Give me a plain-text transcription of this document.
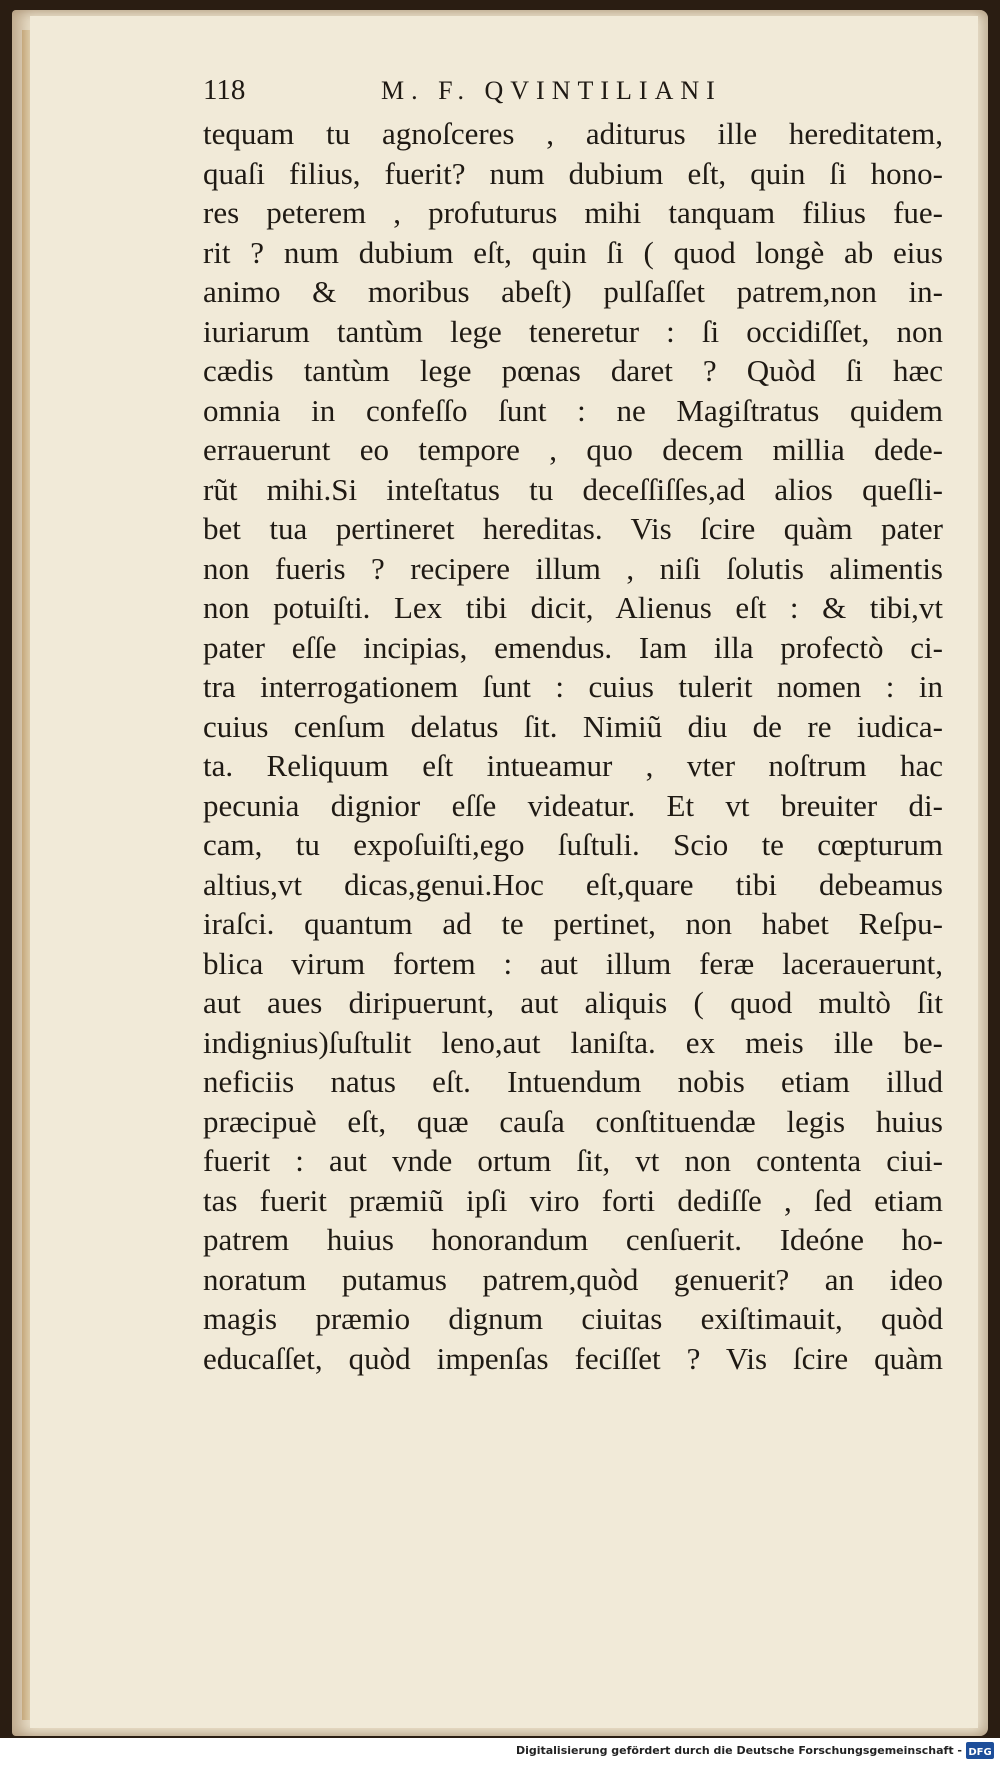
118	M. F. QVINTILIANI
tequam tu agnoſceres , aditurus ille hereditatem,
quaſi filius, fuerit? num dubium eſt, quin ſi hono-
res peterem , profuturus mihi tanquam filius fue-
rit ? num dubium eſt, quin ſi ( quod longè ab eius
animo & moribus abeſt) pulſaſſet patrem,non in-
iuriarum tantùm lege teneretur : ſi occidiſſet, non
cædis tantùm lege pœnas daret ? Quòd ſi hæc
omnia in confeſſo ſunt : ne Magiſtratus quidem
errauerunt eo tempore , quo decem millia dede-
rũt mihi.Si inteſtatus tu deceſſiſſes,ad alios queſli-
bet tua pertineret hereditas. Vis ſcire quàm pater
non fueris ? recipere illum , niſi ſolutis alimentis
non potuiſti. Lex tibi dicit, Alienus eſt : & tibi,vt
pater eſſe incipias, emendus. Iam illa profectò ci-
tra interrogationem ſunt : cuius tulerit nomen : in
cuius cenſum delatus ſit. Nimiũ diu de re iudica-
ta. Reliquum eſt intueamur , vter noſtrum hac
pecunia dignior eſſe videatur. Et vt breuiter di-
cam, tu expoſuiſti,ego ſuſtuli. Scio te cœpturum
altius,vt dicas,genui.Hoc eſt,quare tibi debeamus
iraſci. quantum ad te pertinet, non habet Reſpu-
blica virum fortem : aut illum feræ lacerauerunt,
aut aues diripuerunt, aut aliquis ( quod multò ſit
indignius)ſuſtulit leno,aut laniſta. ex meis ille be-
neficiis natus eſt. Intuendum nobis etiam illud
præcipuè eſt, quæ cauſa conſtituendæ legis huius
fuerit : aut vnde ortum ſit, vt non contenta ciui-
tas fuerit præmiũ ipſi viro forti dediſſe , ſed etiam
patrem huius honorandum cenſuerit. Ideóne ho-
noratum putamus patrem,quòd genuerit? an ideo
magis præmio dignum ciuitas exiſtimauit, quòd
educaſſet, quòd impenſas feciſſet ? Vis ſcire quàm
Digitalisierung gefördert durch die Deutsche Forschungsgemeinschaft - DFG
